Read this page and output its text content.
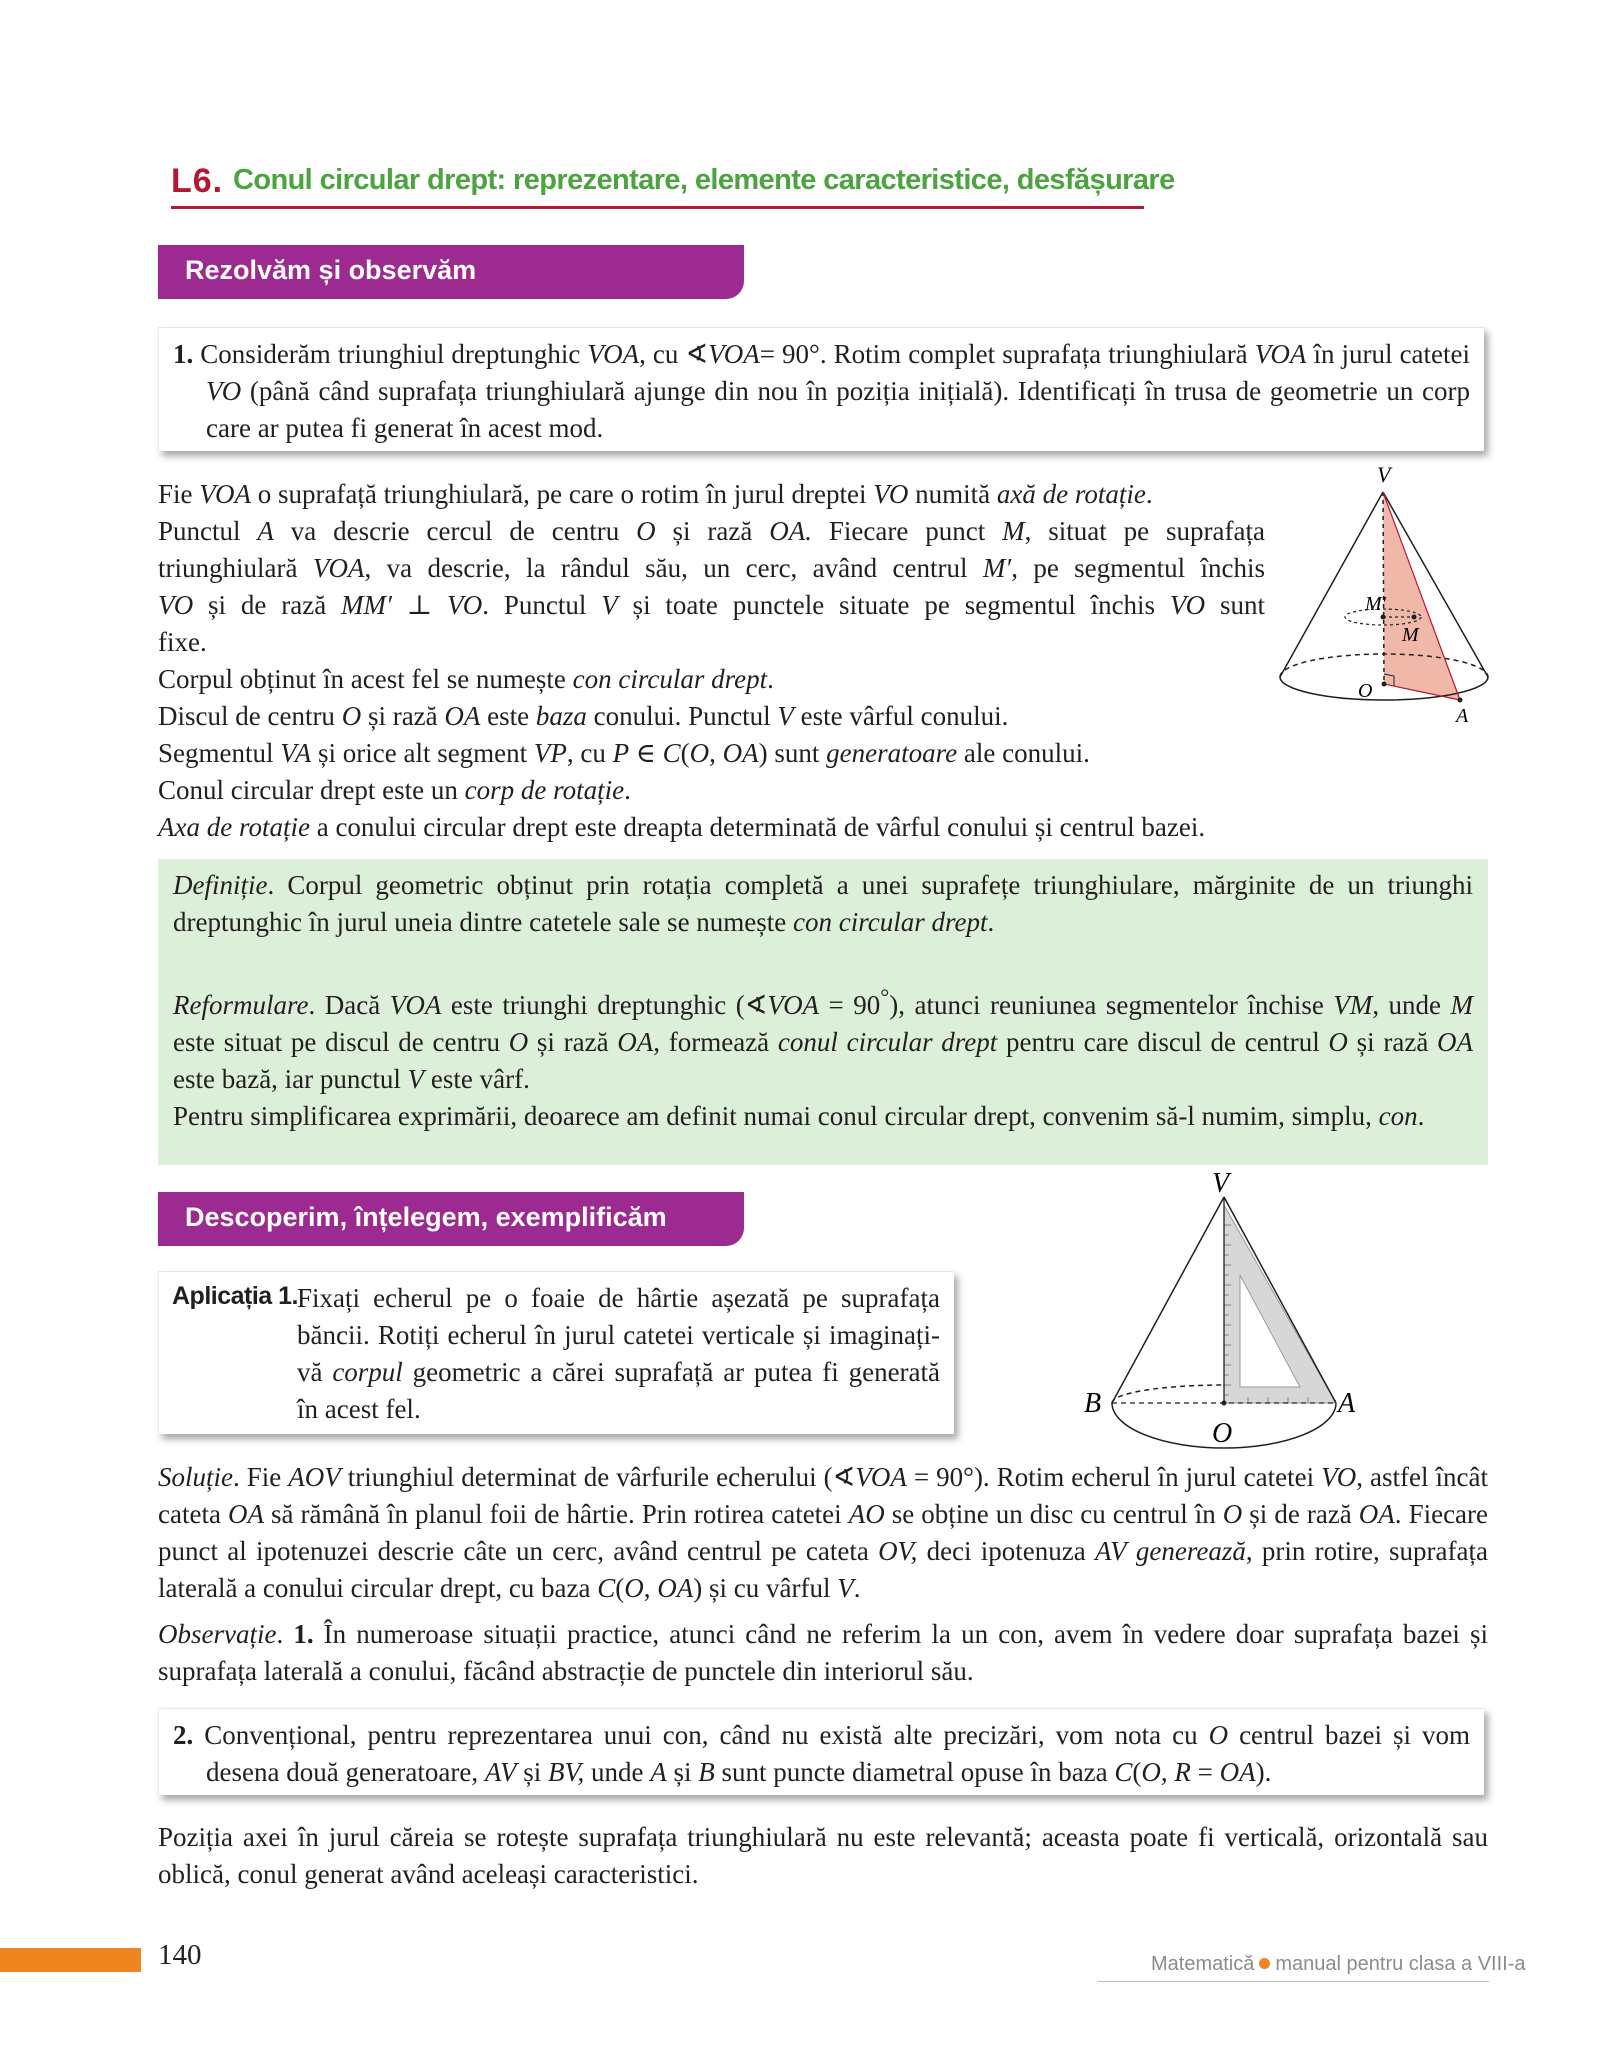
L6. Conul circular drept: reprezentare, elemente caracteristice, desfășurare
Rezolvăm și observăm
1. Considerăm triunghiul dreptunghic VOA, cu ∢VOA= 90°. Rotim complet suprafața triunghiulară VOA în jurul catetei VO (până când suprafața triunghiulară ajunge din nou în poziția inițială). Identificați în trusa de geometrie un corp care ar putea fi generat în acest mod.
Fie VOA o suprafață triunghiulară, pe care o rotim în jurul dreptei VO numită axă de rotație.
Punctul A va descrie cercul de centru O și rază OA. Fiecare punct M, situat pe suprafața
triunghiulară VOA, va descrie, la rândul său, un cerc, având centrul M′, pe segmentul închis
VO și de rază MM′ ⊥ VO. Punctul V și toate punctele situate pe segmentul închis VO sunt
fixe.
Corpul obținut în acest fel se numește con circular drept.
Discul de centru O și rază OA este baza conului. Punctul V este vârful conului.
Segmentul VA și orice alt segment VP, cu P ∈ C(O, OA) sunt generatoare ale conului.
Conul circular drept este un corp de rotație.
Axa de rotație a conului circular drept este dreapta determinată de vârful conului și centrul bazei.
V
M′
M
O
A
Definiție. Corpul geometric obținut prin rotația completă a unei suprafețe triunghiulare, mărginite de un triunghi dreptunghic în jurul uneia dintre catetele sale se numește con circular drept.
Reformulare. Dacă VOA este triunghi dreptunghic (∢VOA = 90°), atunci reuniunea segmentelor închise VM, unde M este situat pe discul de centru O și rază OA, formează conul circular drept pentru care discul de centrul O și rază OA este bază, iar punctul V este vârf.
Pentru simplificarea exprimării, deoarece am definit numai conul circular drept, convenim să-l numim, simplu, con.
Descoperim, înțelegem, exemplificăm
Aplicația 1. Fixați echerul pe o foaie de hârtie așezată pe suprafața băncii. Rotiți echerul în jurul catetei verticale și imaginați-vă corpul geometric a cărei suprafață ar putea fi generată în acest fel.
V
B	A
O
Soluție. Fie AOV triunghiul determinat de vârfurile echerului (∢VOA = 90°). Rotim echerul în jurul catetei VO, astfel încât cateta OA să rămână în planul foii de hârtie. Prin rotirea catetei AO se obține un disc cu centrul în O și de rază OA. Fiecare punct al ipotenuzei descrie câte un cerc, având centrul pe cateta OV, deci ipotenuza AV generează, prin rotire, suprafața laterală a conului circular drept, cu baza C(O, OA) și cu vârful V.
Observație. 1. În numeroase situații practice, atunci când ne referim la un con, avem în vedere doar suprafața bazei și suprafața laterală a conului, făcând abstracție de punctele din interiorul său.
2. Convențional, pentru reprezentarea unui con, când nu există alte precizări, vom nota cu O centrul bazei și vom desena două generatoare, AV și BV, unde A și B sunt puncte diametral opuse în baza C(O, R = OA).
Poziția axei în jurul căreia se rotește suprafața triunghiulară nu este relevantă; aceasta poate fi verticală, orizontală sau oblică, conul generat având aceleași caracteristici.
140	Matematică manual pentru clasa a VIII-a
